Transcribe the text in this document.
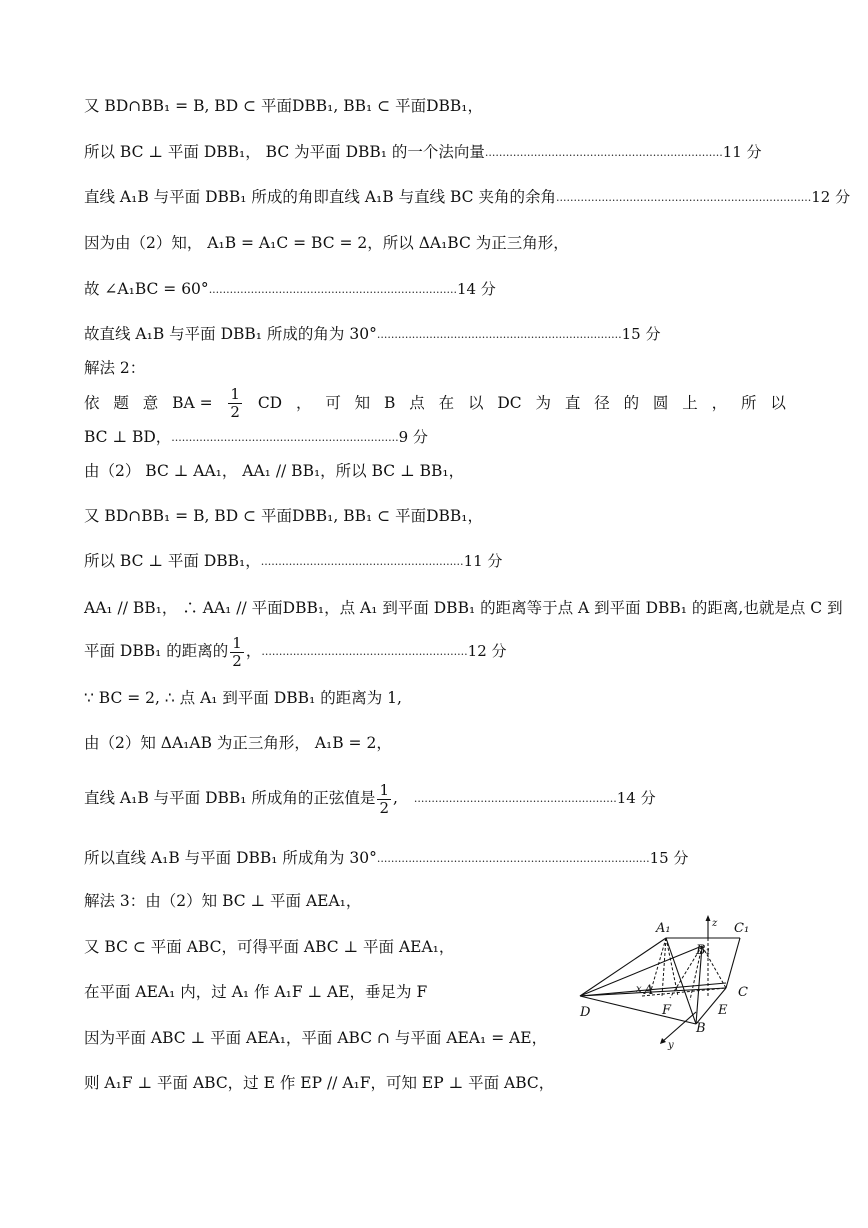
又 BD∩BB₁ = B, BD ⊂ 平面DBB₁, BB₁ ⊂ 平面DBB₁，
所以 BC ⊥ 平面 DBB₁， BC 为平面 DBB₁ 的一个法向量....................................................................11 分
直线 A₁B 与平面 DBB₁ 所成的角即直线 A₁B 与直线 BC 夹角的余角.........................................................................12 分
因为由（2）知， A₁B = A₁C = BC = 2，所以 ΔA₁BC 为正三角形，
故 ∠A₁BC = 60°.......................................................................14 分
故直线 A₁B 与平面 DBB₁ 所成的角为 30°......................................................................15 分
解法 2：
依 题 意 BA = $\frac{1}{2}$ CD ， 可 知 B 点 在 以 DC 为 直 径 的 圆 上 ， 所 以
BC ⊥ BD，.................................................................9 分
由（2） BC ⊥ AA₁， AA₁ // BB₁，所以 BC ⊥ BB₁，
又 BD∩BB₁ = B, BD ⊂ 平面DBB₁, BB₁ ⊂ 平面DBB₁，
所以 BC ⊥ 平面 DBB₁，..........................................................11 分
AA₁ // BB₁， ∴ AA₁ // 平面DBB₁，点 A₁ 到平面 DBB₁ 的距离等于点 A 到平面 DBB₁ 的距离,也就是点 C 到
平面 DBB₁ 的距离的 $\frac{1}{2}$ ，...........................................................12 分
∵ BC = 2, ∴ 点 A₁ 到平面 DBB₁ 的距离为 1,
由（2）知 ΔA₁AB 为正三角形， A₁B = 2，
直线 A₁B 与平面 DBB₁ 所成角的正弦值是 $\frac{1}{2}$ , ..........................................................14 分
所以直线 A₁B 与平面 DBB₁ 所成角为 30°..............................................................................15 分
解法 3：由（2）知 BC ⊥ 平面 AEA₁，
又 BC ⊂ 平面 ABC，可得平面 ABC ⊥ 平面 AEA₁，
在平面 AEA₁ 内，过 A₁ 作 A₁F ⊥ AE，垂足为 F
因为平面 ABC ⊥ 平面 AEA₁，平面 ABC ∩ 与平面 AEA₁ = AE，
则 A₁F ⊥ 平面 ABC，过 E 作 EP // A₁F，可知 EP ⊥ 平面 ABC，
A₁	C₁
B₁
z
x A	C
D	F	E
B
y
